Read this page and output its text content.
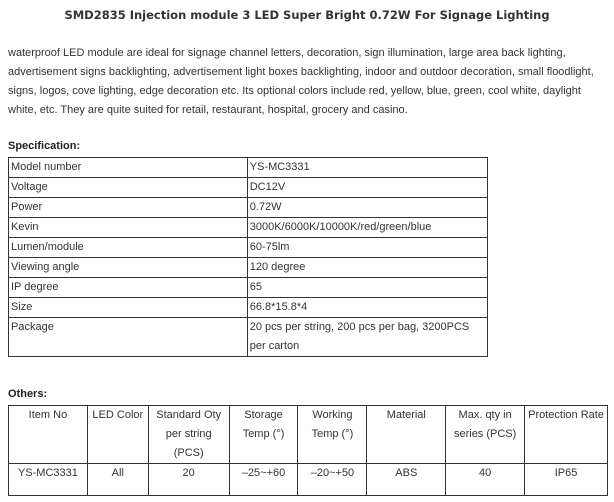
SMD2835 Injection module 3 LED Super Bright 0.72W For Signage Lighting
waterproof LED module are ideal for signage channel letters, decoration, sign illumination, large area back lighting, advertisement signs backlighting, advertisement light boxes backlighting, indoor and outdoor decoration, small floodlight, signs, logos, cove lighting, edge decoration etc. Its optional colors include red, yellow, blue, green, cool white, daylight white, etc. They are quite suited for retail, restaurant, hospital, grocery and casino.
Specification:
Model number	YS-MC3331
Voltage	DC12V
Power	0.72W
Kevin	3000K/6000K/10000K/red/green/blue
Lumen/module	60-75lm
Viewing angle	120 degree
IP degree	65
Size	66.8*15.8*4
Package	20 pcs per string, 200 pcs per bag, 3200PCS per carton
Others:
Item No	LED Color	Standard Oty per string (PCS)	Storage Temp (°)	Working Temp (°)	Material	Max. qty in series (PCS)	Protection Rate
YS-MC3331	All	20	–25~+60	–20~+50	ABS	40	IP65
